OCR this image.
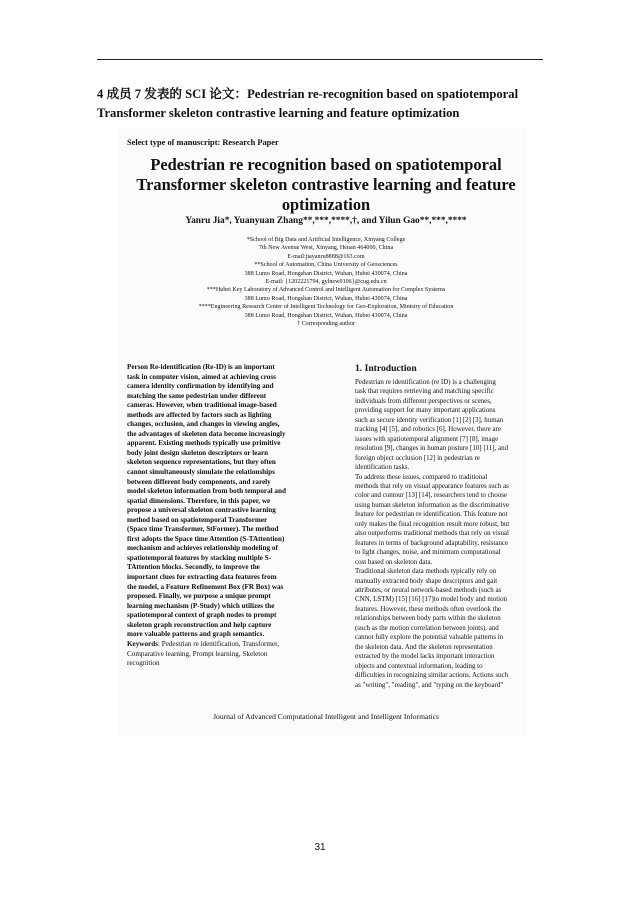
4 成员 7 发表的 SCI 论文：Pedestrian re-recognition based on spatiotemporal
Transformer skeleton contrastive learning and feature optimization
Select type of manuscript: Research Paper
Pedestrian re recognition based on spatiotemporal
Transformer skeleton contrastive learning and feature
optimization
Yanru Jia*, Yuanyuan Zhang**,***,****,†, and Yilun Gao**,***,****
*School of Big Data and Artificial Intelligence, Xinyang College
7th New Avenue West, Xinyang, Henan 464000, China
E-mail:jiayanru8888@163.com
**School of Automation, China University of Geosciences
388 Lumo Road, Hongshan District, Wuhan, Hubei 430074, China
E-mail: {1202221794, gylnew0106}@cug.edu.cn
***Hubei Key Laboratory of Advanced Control and Intelligent Automation for Complex Systems
388 Lumo Road, Hongshan District, Wuhan, Hubei 430074, China
****Engineering Research Center of Intelligent Technology for Geo-Exploration, Ministry of Education
388 Lumo Road, Hongshan District, Wuhan, Hubei 430074, China
† Corresponding author
Person Re-identification (Re-ID) is an important
task in computer vision, aimed at achieving cross
camera identity confirmation by identifying and
matching the same pedestrian under different
cameras. However, when traditional image-based
methods are affected by factors such as lighting
changes, occlusion, and changes in viewing angles,
the advantages of skeleton data become increasingly
apparent. Existing methods typically use primitive
body joint design skeleton descriptors or learn
skeleton sequence representations, but they often
cannot simultaneously simulate the relationships
between different body components, and rarely
model skeleton information from both temporal and
spatial dimensions. Therefore, in this paper, we
propose a universal skeleton contrastive learning
method based on spatiotemporal Transformer
(Space time Transformer, StFormer). The method
first adopts the Space time Attention (S-TAttention)
mechanism and achieves relationship modeling of
spatiotemporal features by stacking multiple S-
TAttention blocks. Secondly, to improve the
important clues for extracting data features from
the model, a Feature Refinement Box (FR Box) was
proposed. Finally, we purpose a unique prompt
learning mechanism (P-Study) which utilizes the
spatiotemporal context of graph nodes to prompt
skeleton graph reconstruction and help capture
more valuable patterns and graph semantics.
Keywords: Pedestrian re identification, Transformer,
Comparative learning, Prompt learning, Skeleton
recognition
1. Introduction
Pedestrian re identification (re ID) is a challenging
task that requires retrieving and matching specific
individuals from different perspectives or scenes,
providing support for many important applications
such as secure identity verification [1] [2] [3], human
tracking [4] [5], and robotics [6]. However, there are
issues with spatiotemporal alignment [7] [8], image
resolution [9], changes in human posture [10] [11], and
foreign object occlusion [12] in pedestrian re
identification tasks.
To address these issues, compared to traditional
methods that rely on visual appearance features such as
color and contour [13] [14], researchers tend to choose
using human skeleton information as the discriminative
feature for pedestrian re identification. This feature not
only makes the final recognition result more robust, but
also outperforms traditional methods that rely on visual
features in terms of background adaptability, resistance
to light changes, noise, and minimum computational
cost based on skeleton data.
Traditional skeleton data methods typically rely on
manually extracted body shape descriptors and gait
attributes, or neural network-based methods (such as
CNN, LSTM) [15] [16] [17]to model body and motion
features. However, these methods often overlook the
relationships between body parts within the skeleton
(such as the motion correlation between joints), and
cannot fully explore the potential valuable patterns in
the skeleton data. And the skeleton representation
extracted by the model lacks important interaction
objects and contextual information, leading to
difficulties in recognizing similar actions. Actions such
as "writing", "reading", and "typing on the keyboard"
Journal of Advanced Computational Intelligent and Intelligent Informatics
31
